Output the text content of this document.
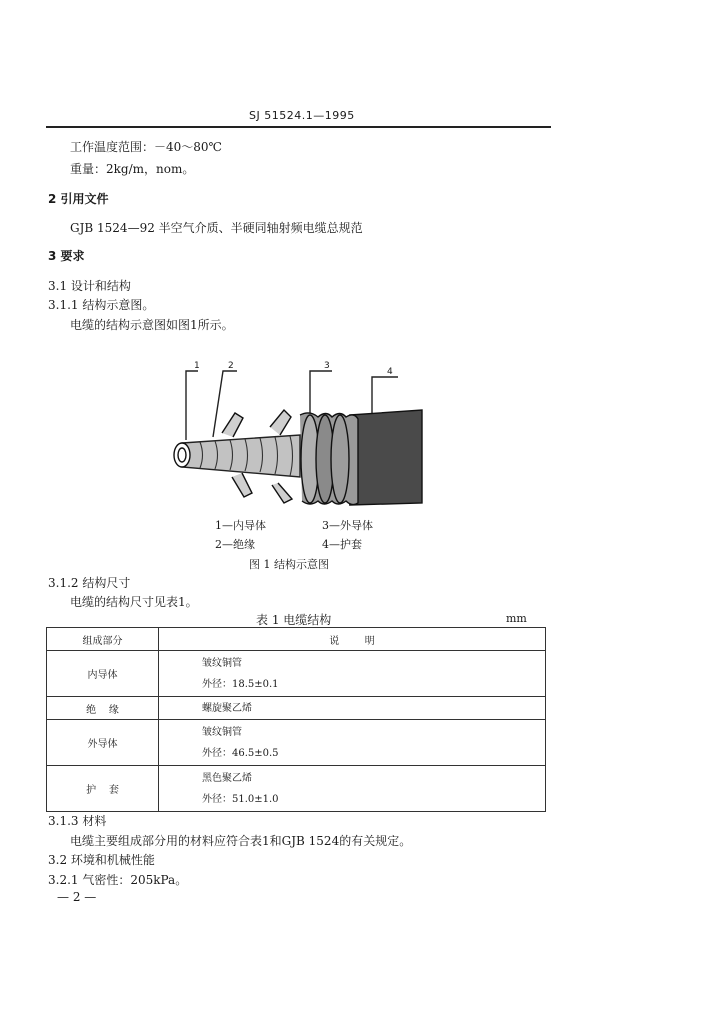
SJ 51524.1—1995
工作温度范围：－40～80℃
重量：2kg/m，nom。
2 引用文件
GJB 1524—92 半空气介质、半硬同轴射频电缆总规范
3 要求
3.1 设计和结构
3.1.1 结构示意图。
电缆的结构示意图如图1所示。
1	2	3
4
1—内导体	3—外导体
2—绝缘	4—护套
图 1 结构示意图
3.1.2 结构尺寸
电缆的结构尺寸见表1。
表 1 电缆结构	mm
组成部分	说        明
内导体	皱纹铜管
外径：18.5±0.1

绝    缘	螺旋聚乙烯

外导体	皱纹铜管
外径：46.5±0.5

护    套	黑色聚乙烯
外径：51.0±1.0
3.1.3 材料
电缆主要组成部分用的材料应符合表1和GJB 1524的有关规定。
3.2 环境和机械性能
3.2.1 气密性：205kPa。
— 2 —
